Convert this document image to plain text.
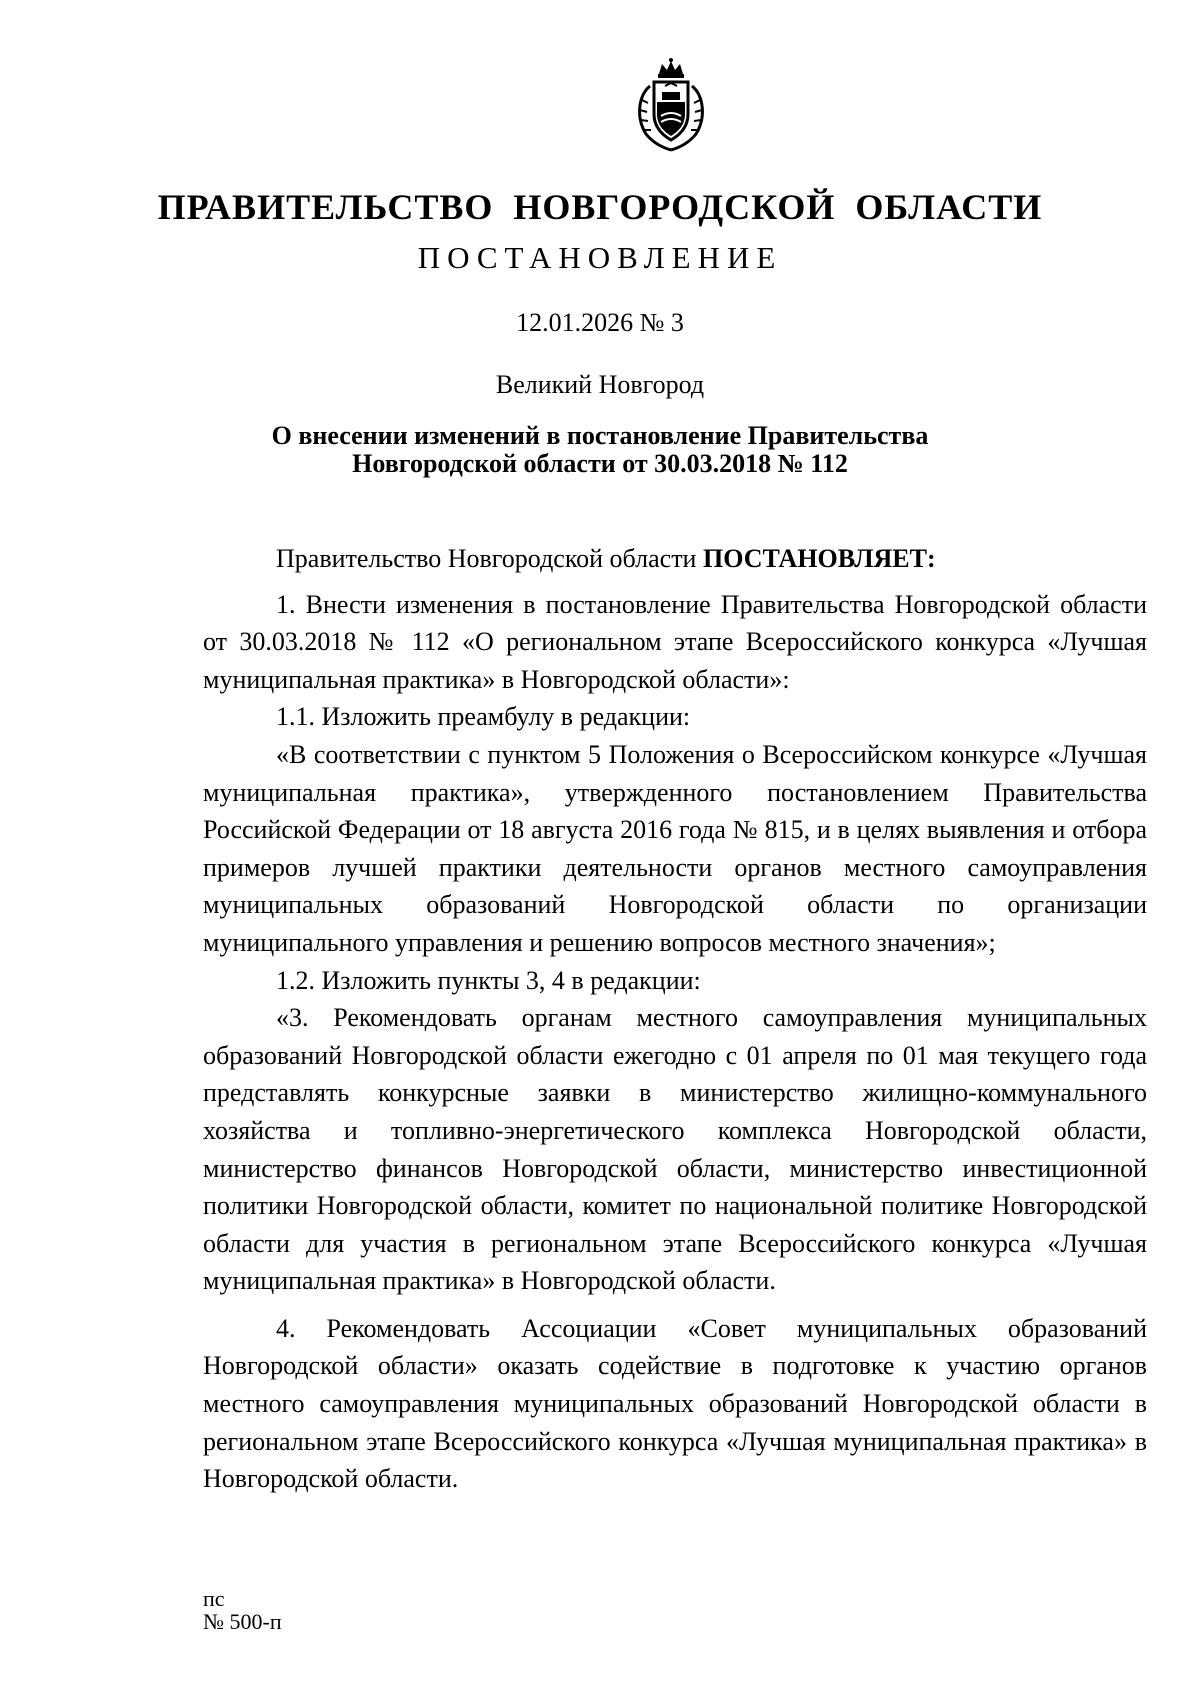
ПРАВИТЕЛЬСТВО НОВГОРОДСКОЙ ОБЛАСТИ
ПОСТАНОВЛЕНИЕ
12.01.2026 № 3
Великий Новгород
О внесении изменений в постановление Правительства
Новгородской области от 30.03.2018 № 112

Правительство Новгородской области ПОСТАНОВЛЯЕТ:

1. Внести изменения в постановление Правительства Новгородской области от 30.03.2018 № 112 «О региональном этапе Всероссийского конкурса «Лучшая муниципальная практика» в Новгородской области»:

1.1. Изложить преамбулу в редакции:

«В соответствии с пунктом 5 Положения о Всероссийском конкурсе «Лучшая муниципальная практика», утвержденного постановлением Правительства Российской Федерации от 18 августа 2016 года № 815, и в целях выявления и отбора примеров лучшей практики деятельности органов местного самоуправления муниципальных образований Новгородской области по организации муниципального управления и решению вопросов местного значения»;

1.2. Изложить пункты 3, 4 в редакции:

«3. Рекомендовать органам местного самоуправления муниципальных образований Новгородской области ежегодно с 01 апреля по 01 мая текущего года представлять конкурсные заявки в министерство жилищно-коммунального хозяйства и топливно-энергетического комплекса Новгородской области, министерство финансов Новгородской области, министерство инвестиционной политики Новгородской области, комитет по национальной политике Новгородской области для участия в региональном этапе Всероссийского конкурса «Лучшая муниципальная практика» в Новгородской области.

4. Рекомендовать Ассоциации «Совет муниципальных образований Новгородской области» оказать содействие в подготовке к участию органов местного самоуправления муниципальных образований Новгородской области в региональном этапе Всероссийского конкурса «Лучшая муниципальная практика» в Новгородской области.

пс
№ 500-п
